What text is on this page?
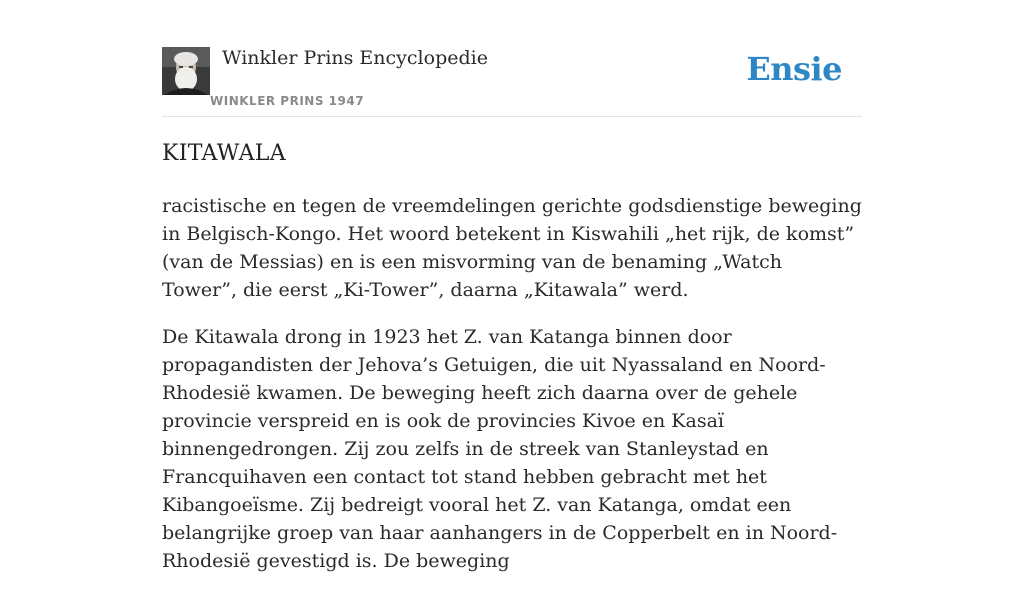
Winkler Prins Encyclopedie
WINKLER PRINS 1947
Ensie
KITAWALA

racistische en tegen de vreemdelingen gerichte godsdienstige beweging in Belgisch-Kongo. Het woord betekent in Kiswahili „het rijk, de komst” (van de Messias) en is een misvorming van de benaming „Watch Tower”, die eerst „Ki-Tower”, daarna „Kitawala” werd.

De Kitawala drong in 1923 het Z. van Katanga binnen door propagandisten der Jehova’s Getuigen, die uit Nyassaland en Noord-Rhodesië kwamen. De beweging heeft zich daarna over de gehele provincie verspreid en is ook de provincies Kivoe en Kasaï binnengedrongen. Zij zou zelfs in de streek van Stanleystad en Francquihaven een contact tot stand hebben gebracht met het Kibangoeïsme. Zij bedreigt vooral het Z. van Katanga, omdat een belangrijke groep van haar aanhangers in de Copperbelt en in Noord-Rhodesië gevestigd is. De beweging
